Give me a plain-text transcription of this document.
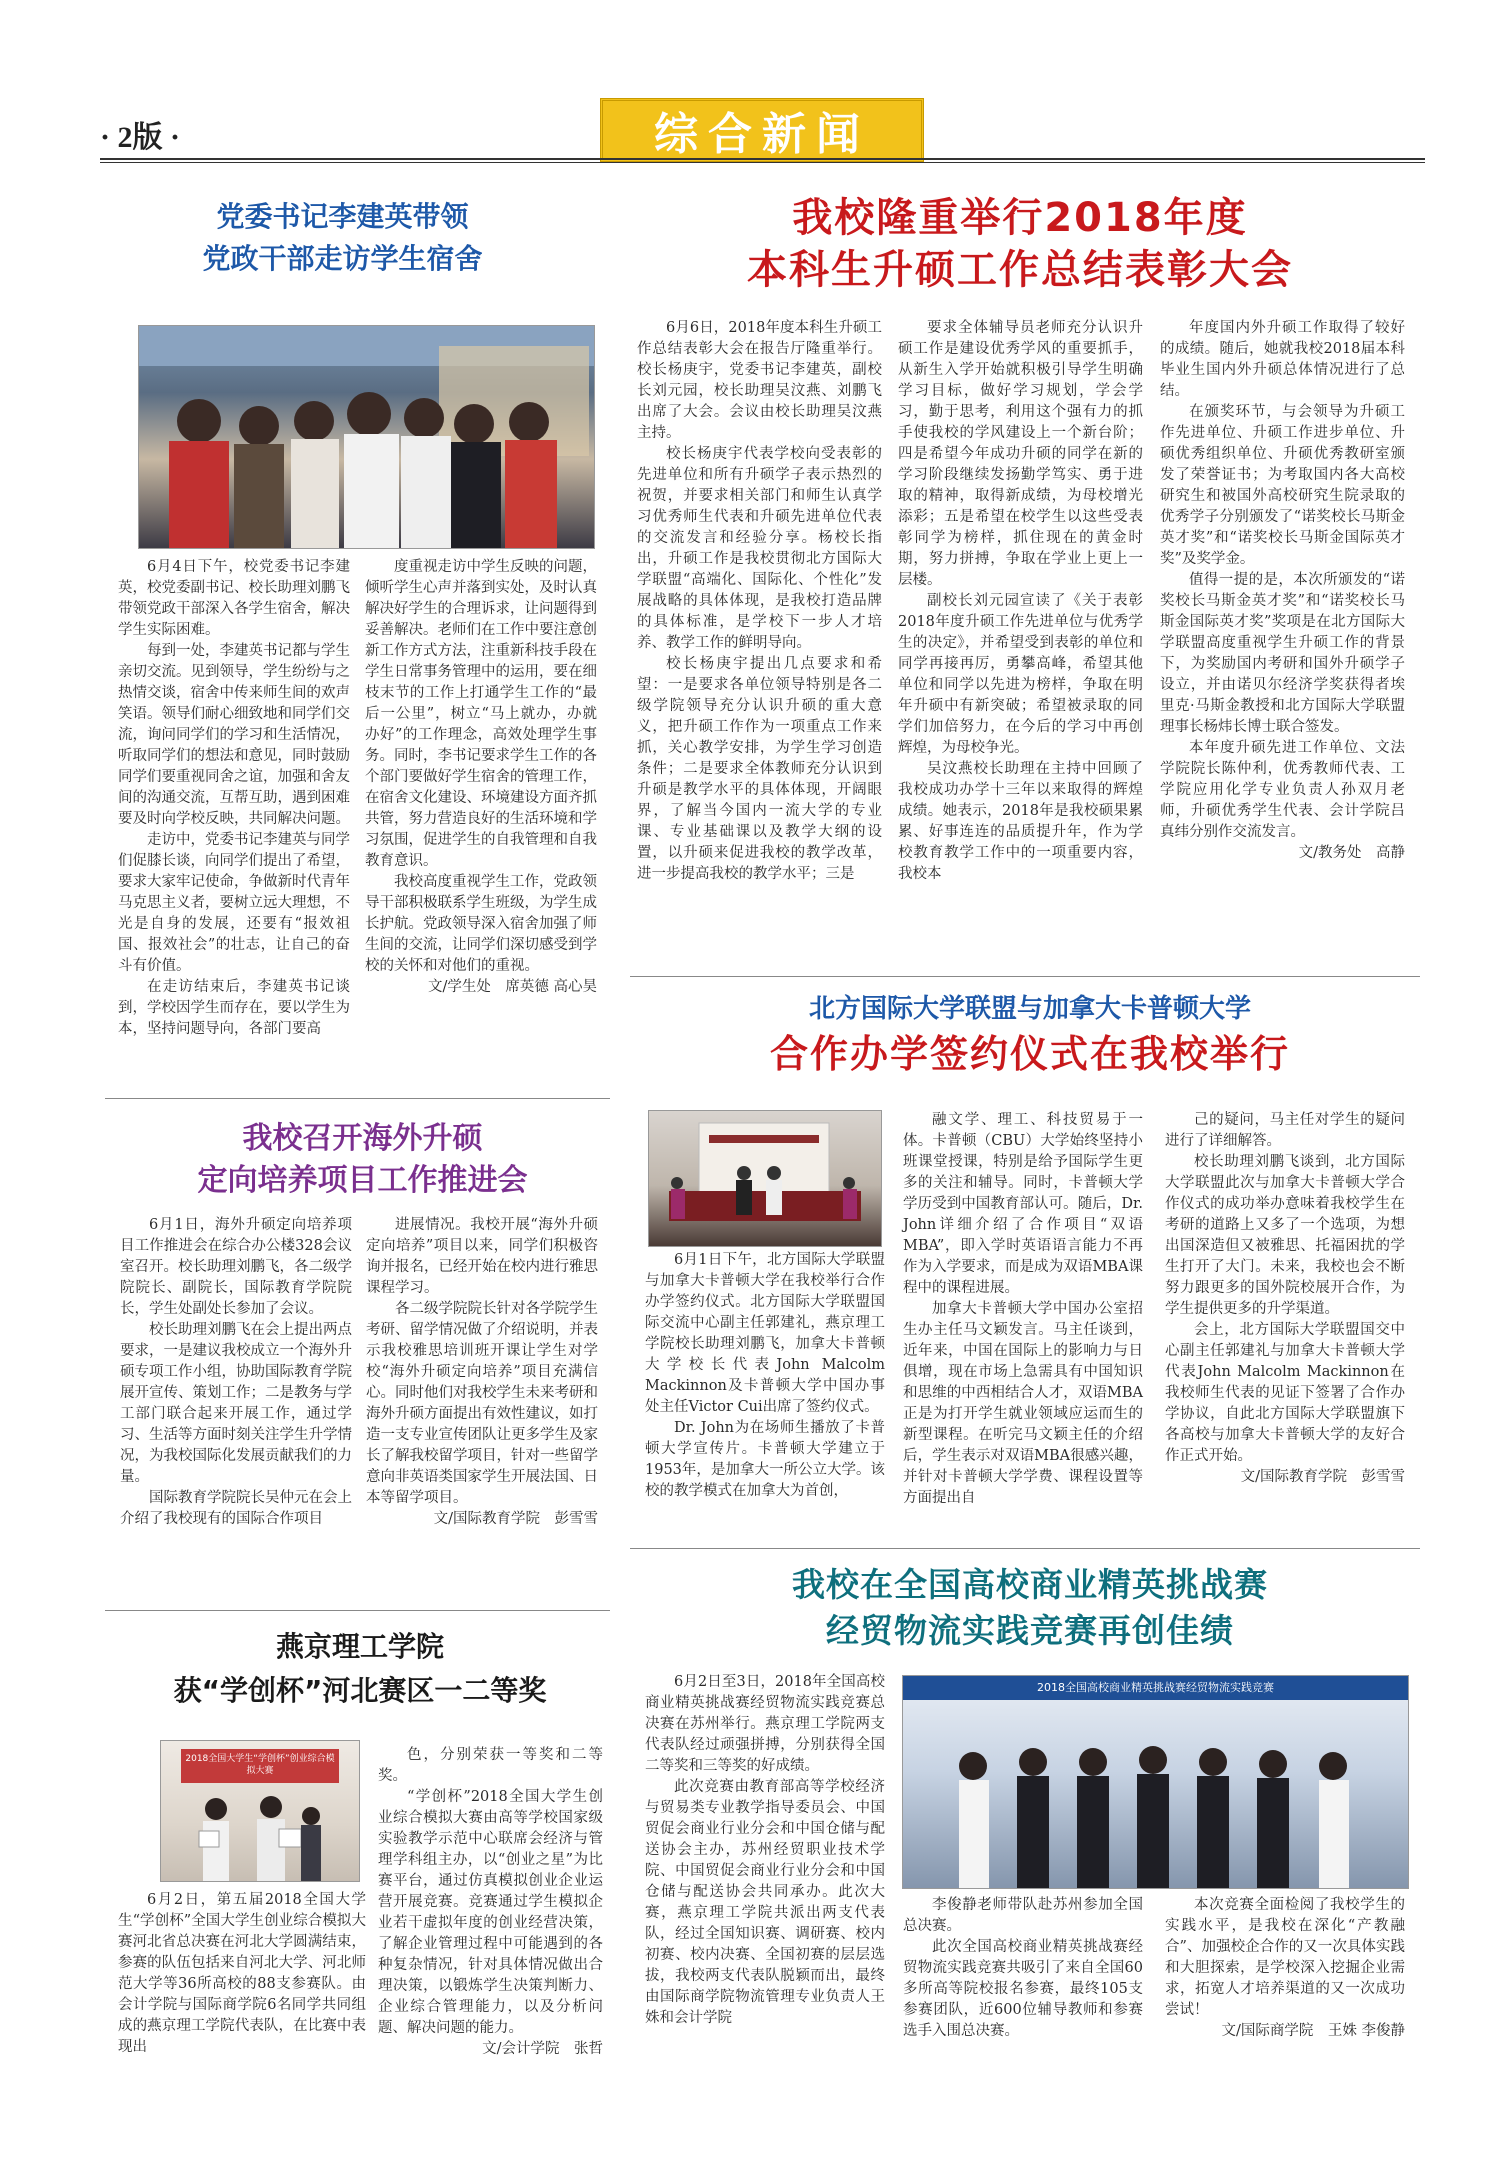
· 2版 ·	综合新闻
党委书记李建英带领
党政干部走访学生宿舍

6月4日下午，校党委书记李建英，校党委副书记、校长助理刘鹏飞带领党政干部深入各学生宿舍，解决学生实际困难。

每到一处，李建英书记都与学生亲切交流。见到领导，学生纷纷与之热情交谈，宿舍中传来师生间的欢声笑语。领导们耐心细致地和同学们交流，询问同学们的学习和生活情况，听取同学们的想法和意见，同时鼓励同学们要重视同舍之谊，加强和舍友间的沟通交流，互帮互助，遇到困难要及时向学校反映，共同解决问题。

走访中，党委书记李建英与同学们促膝长谈，向同学们提出了希望，要求大家牢记使命，争做新时代青年马克思主义者，要树立远大理想，不光是自身的发展，还要有“报效祖国、报效社会”的壮志，让自己的奋斗有价值。

在走访结束后，李建英书记谈到，学校因学生而存在，要以学生为本，坚持问题导向，各部门要高

度重视走访中学生反映的问题，倾听学生心声并落到实处，及时认真解决好学生的合理诉求，让问题得到妥善解决。老师们在工作中要注意创新工作方式方法，注重新科技手段在学生日常事务管理中的运用，要在细枝末节的工作上打通学生工作的“最后一公里”，树立“马上就办，办就办好”的工作理念，高效处理学生事务。同时，李书记要求学生工作的各个部门要做好学生宿舍的管理工作，在宿舍文化建设、环境建设方面齐抓共管，努力营造良好的生活环境和学习氛围，促进学生的自我管理和自我教育意识。

我校高度重视学生工作，党政领导干部积极联系学生班级，为学生成长护航。党政领导深入宿舍加强了师生间的交流，让同学们深切感受到学校的关怀和对他们的重视。

文/学生处　席英德 高心昊

我校隆重举行2018年度
本科生升硕工作总结表彰大会

6月6日，2018年度本科生升硕工作总结表彰大会在报告厅隆重举行。校长杨庚宇，党委书记李建英，副校长刘元园，校长助理吴汶燕、刘鹏飞出席了大会。会议由校长助理吴汶燕主持。

校长杨庚宇代表学校向受表彰的先进单位和所有升硕学子表示热烈的祝贺，并要求相关部门和师生认真学习优秀师生代表和升硕先进单位代表的交流发言和经验分享。杨校长指出，升硕工作是我校贯彻北方国际大学联盟“高端化、国际化、个性化”发展战略的具体体现，是我校打造品牌的具体标准，是学校下一步人才培养、教学工作的鲜明导向。

校长杨庚宇提出几点要求和希望：一是要求各单位领导特别是各二级学院领导充分认识升硕的重大意义，把升硕工作作为一项重点工作来抓，关心教学安排，为学生学习创造条件；二是要求全体教师充分认识到升硕是教学水平的具体体现，开阔眼界，了解当今国内一流大学的专业课、专业基础课以及教学大纲的设置，以升硕来促进我校的教学改革，进一步提高我校的教学水平；三是

要求全体辅导员老师充分认识升硕工作是建设优秀学风的重要抓手，从新生入学开始就积极引导学生明确学习目标，做好学习规划，学会学习，勤于思考，利用这个强有力的抓手使我校的学风建设上一个新台阶；四是希望今年成功升硕的同学在新的学习阶段继续发扬勤学笃实、勇于进取的精神，取得新成绩，为母校增光添彩；五是希望在校学生以这些受表彰同学为榜样，抓住现在的黄金时期，努力拼搏，争取在学业上更上一层楼。

副校长刘元园宣读了《关于表彰2018年度升硕工作先进单位与优秀学生的决定》，并希望受到表彰的单位和同学再接再厉，勇攀高峰，希望其他单位和同学以先进为榜样，争取在明年升硕中有新突破；希望被录取的同学们加倍努力，在今后的学习中再创辉煌，为母校争光。

吴汶燕校长助理在主持中回顾了我校成功办学十三年以来取得的辉煌成绩。她表示，2018年是我校硕果累累、好事连连的品质提升年，作为学校教育教学工作中的一项重要内容，我校本

年度国内外升硕工作取得了较好的成绩。随后，她就我校2018届本科毕业生国内外升硕总体情况进行了总结。

在颁奖环节，与会领导为升硕工作先进单位、升硕工作进步单位、升硕优秀组织单位、升硕优秀教研室颁发了荣誉证书；为考取国内各大高校研究生和被国外高校研究生院录取的优秀学子分别颁发了“诺奖校长马斯金英才奖”和“诺奖校长马斯金国际英才奖”及奖学金。

值得一提的是，本次所颁发的“诺奖校长马斯金英才奖”和“诺奖校长马斯金国际英才奖”奖项是在北方国际大学联盟高度重视学生升硕工作的背景下，为奖励国内考研和国外升硕学子设立，并由诺贝尔经济学奖获得者埃里克·马斯金教授和北方国际大学联盟理事长杨炜长博士联合签发。

本年度升硕先进工作单位、文法学院院长陈仲利，优秀教师代表、工学院应用化学专业负责人孙双月老师，升硕优秀学生代表、会计学院吕真纬分别作交流发言。

文/教务处　高静

我校召开海外升硕
定向培养项目工作推进会

6月1日，海外升硕定向培养项目工作推进会在综合办公楼328会议室召开。校长助理刘鹏飞，各二级学院院长、副院长，国际教育学院院长，学生处副处长参加了会议。

校长助理刘鹏飞在会上提出两点要求，一是建议我校成立一个海外升硕专项工作小组，协助国际教育学院展开宣传、策划工作；二是教务与学工部门联合起来开展工作，通过学习、生活等方面时刻关注学生升学情况，为我校国际化发展贡献我们的力量。

国际教育学院院长吴仲元在会上介绍了我校现有的国际合作项目

进展情况。我校开展“海外升硕定向培养”项目以来，同学们积极咨询并报名，已经开始在校内进行雅思课程学习。

各二级学院院长针对各学院学生考研、留学情况做了介绍说明，并表示我校雅思培训班开课让学生对学校“海外升硕定向培养”项目充满信心。同时他们对我校学生未来考研和海外升硕方面提出有效性建议，如打造一支专业宣传团队让更多学生及家长了解我校留学项目，针对一些留学意向非英语类国家学生开展法国、日本等留学项目。

文/国际教育学院　彭雪雪

北方国际大学联盟与加拿大卡普顿大学
合作办学签约仪式在我校举行

6月1日下午，北方国际大学联盟与加拿大卡普顿大学在我校举行合作办学签约仪式。北方国际大学联盟国际交流中心副主任郭建礼，燕京理工学院校长助理刘鹏飞，加拿大卡普顿大学校长代表John Malcolm Mackinnon及卡普顿大学中国办事处主任Victor Cui出席了签约仪式。

Dr. John为在场师生播放了卡普顿大学宣传片。卡普顿大学建立于1953年，是加拿大一所公立大学。该校的教学模式在加拿大为首创，

融文学、理工、科技贸易于一体。卡普顿（CBU）大学始终坚持小班课堂授课，特别是给予国际学生更多的关注和辅导。同时，卡普顿大学学历受到中国教育部认可。随后，Dr. John详细介绍了合作项目“双语MBA”，即入学时英语语言能力不再作为入学要求，而是成为双语MBA课程中的课程进展。

加拿大卡普顿大学中国办公室招生办主任马文颖发言。马主任谈到，近年来，中国在国际上的影响力与日俱增，现在市场上急需具有中国知识和思维的中西相结合人才，双语MBA正是为打开学生就业领域应运而生的新型课程。在听完马文颖主任的介绍后，学生表示对双语MBA很感兴趣，并针对卡普顿大学学费、课程设置等方面提出自

己的疑问，马主任对学生的疑问进行了详细解答。

校长助理刘鹏飞谈到，北方国际大学联盟此次与加拿大卡普顿大学合作仪式的成功举办意味着我校学生在考研的道路上又多了一个选项，为想出国深造但又被雅思、托福困扰的学生打开了大门。未来，我校也会不断努力跟更多的国外院校展开合作，为学生提供更多的升学渠道。

会上，北方国际大学联盟国交中心副主任郭建礼与加拿大卡普顿大学代表John Malcolm Mackinnon在我校师生代表的见证下签署了合作办学协议，自此北方国际大学联盟旗下各高校与加拿大卡普顿大学的友好合作正式开始。

文/国际教育学院　彭雪雪

燕京理工学院
获“学创杯”河北赛区一二等奖
2018全国大学生“学创杯”创业综合模拟大赛

6月2日，第五届2018全国大学生“学创杯”全国大学生创业综合模拟大赛河北省总决赛在河北大学圆满结束，参赛的队伍包括来自河北大学、河北师范大学等36所高校的88支参赛队。由会计学院与国际商学院6名同学共同组成的燕京理工学院代表队，在比赛中表现出

色，分别荣获一等奖和二等奖。

“学创杯”2018全国大学生创业综合模拟大赛由高等学校国家级实验教学示范中心联席会经济与管理学科组主办，以“创业之星”为比赛平台，通过仿真模拟创业企业运营开展竞赛。竞赛通过学生模拟企业若干虚拟年度的创业经营决策，了解企业管理过程中可能遇到的各种复杂情况，针对具体情况做出合理决策，以锻炼学生决策判断力、企业综合管理能力，以及分析问题、解决问题的能力。

文/会计学院　张哲

我校在全国高校商业精英挑战赛
经贸物流实践竞赛再创佳绩

6月2日至3日，2018年全国高校商业精英挑战赛经贸物流实践竞赛总决赛在苏州举行。燕京理工学院两支代表队经过顽强拼搏，分别获得全国二等奖和三等奖的好成绩。

此次竞赛由教育部高等学校经济与贸易类专业教学指导委员会、中国贸促会商业行业分会和中国仓储与配送协会主办，苏州经贸职业技术学院、中国贸促会商业行业分会和中国仓储与配送协会共同承办。此次大赛，燕京理工学院共派出两支代表队，经过全国知识赛、调研赛、校内初赛、校内决赛、全国初赛的层层选拔，我校两支代表队脱颖而出，最终由国际商学院物流管理专业负责人王姝和会计学院

2018全国高校商业精英挑战赛经贸物流实践竞赛

李俊静老师带队赴苏州参加全国总决赛。

此次全国高校商业精英挑战赛经贸物流实践竞赛共吸引了来自全国60多所高等院校报名参赛，最终105支参赛团队，近600位辅导教师和参赛选手入围总决赛。

本次竞赛全面检阅了我校学生的实践水平，是我校在深化“产教融合”、加强校企合作的又一次具体实践和大胆探索，是学校深入挖掘企业需求，拓宽人才培养渠道的又一次成功尝试！

文/国际商学院　王姝 李俊静
